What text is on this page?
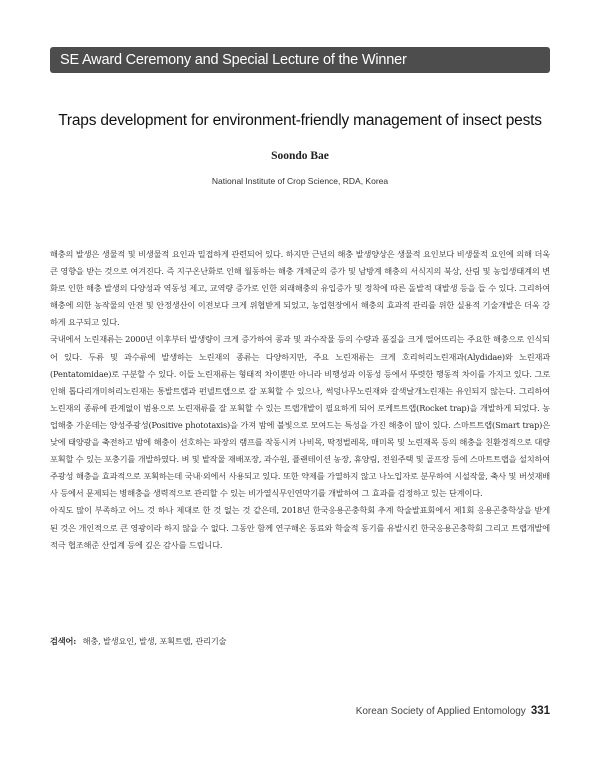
SE Award Ceremony and Special Lecture of the Winner
Traps development for environment-friendly management of insect pests
Soondo Bae
National Institute of Crop Science, RDA, Korea

해충의 발생은 생물적 및 비생물적 요인과 밀접하게 관련되어 있다. 하지만 근년의 해충 발생양상은 생물적 요인보다 비생물적 요인에 의해 더욱 큰 영향을 받는 것으로 여겨진다. 즉 지구온난화로 인해 월동하는 해충 개체군의 증가 및 남방계 해충의 서식지의 북상, 산림 및 농업생태계의 변화로 인한 해충 발생의 다양성과 역동성 제고, 교역량 증가로 인한 외래해충의 유입증가 및 정착에 따른 돌발적 대발생 등을 들 수 있다. 그리하여 해충에 의한 농작물의 안전 및 안정생산이 이전보다 크게 위협받게 되었고, 농업현장에서 해충의 효과적 관리를 위한 실용적 기술개발은 더욱 강하게 요구되고 있다.

국내에서 노린재류는 2000년 이후부터 발생량이 크게 증가하여 콩과 및 과수작물 등의 수량과 품질을 크게 떨어뜨리는 주요한 해충으로 인식되어 있다. 두류 및 과수류에 발생하는 노린재의 종류는 다양하지만, 주요 노린재류는 크게 호리허리노린재과(Alydidae)와 노린재과(Pentatomidae)로 구분할 수 있다. 이들 노린재류는 형태적 차이뿐만 아니라 비행성과 이동성 등에서 뚜렷한 행동적 차이를 가지고 있다. 그로인해 톱다리개미허리노린재는 통발트랩과 펀넬트랩으로 잘 포획할 수 있으나, 썩덩나무노린재와 갈색날개노린재는 유인되지 않는다. 그리하여 노린재의 종류에 관계없이 범용으로 노린재류를 잘 포획할 수 있는 트랩개발이 필요하게 되어 로케트트랩(Rocket trap)을 개발하게 되었다. 농업해충 가운데는 양성주광성(Positive phototaxis)을 가져 밤에 불빛으로 모여드는 특성을 가진 해충이 많이 있다. 스마트트랩(Smart trap)은 낮에 태양광을 축전하고 밤에 해충이 선호하는 파장의 램프를 작동시켜 나비목, 딱정벌레목, 매미목 및 노린재목 등의 해충을 친환경적으로 대량 포획할 수 있는 포충기를 개발하였다. 벼 및 밭작물 재배포장, 과수원, 플랜테이션 농장, 휴양림, 전원주택 및 골프장 등에 스마트트랩을 설치하여 주광성 해충을 효과적으로 포획하는데 국내·외에서 사용되고 있다. 또한 약제를 가열하지 않고 나노입자로 분무하여 시설작물, 축사 및 버섯재배사 등에서 문제되는 병해충을 생력적으로 관리할 수 있는 비가열식무인연막기를 개발하여 그 효과를 검정하고 있는 단계이다.

아직도 많이 부족하고 어느 것 하나 제대로 한 것 없는 것 같은데, 2018년 한국응용곤충학회 추계 학술발표회에서 제1회 응용곤충학상을 받게 된 것은 개인적으로 큰 영광이라 하지 않을 수 없다. 그동안 함께 연구해온 동료와 학술적 동기를 유발시킨 한국응용곤충학회 그리고 트랩개발에 적극 협조해준 산업계 등에 깊은 감사를 드립니다.

검색어: 해충, 발생요인, 발생, 포획트랩, 관리기술
Korean Society of Applied Entomology 331
